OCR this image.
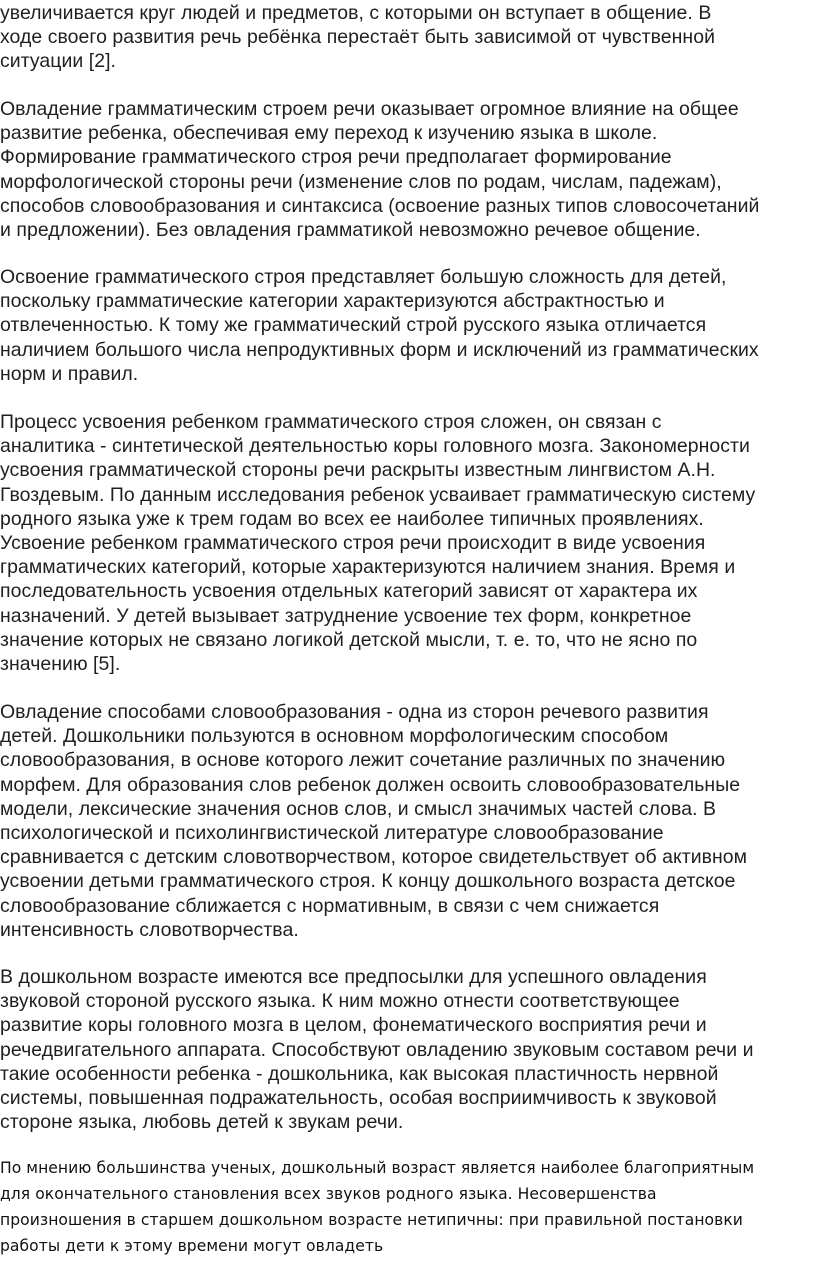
увеличивается круг людей и предметов, с которыми он вступает в общение. В
ходе своего развития речь ребёнка перестаёт быть зависимой от чувственной
ситуации [2].
Овладение грамматическим строем речи оказывает огромное влияние на общее
развитие ребенка, обеспечивая ему переход к изучению языка в школе.
Формирование грамматического строя речи предполагает формирование
морфологической стороны речи (изменение слов по родам, числам, падежам),
способов словообразования и синтаксиса (освоение разных типов словосочетаний
и предложении). Без овладения грамматикой невозможно речевое общение.
Освоение грамматического строя представляет большую сложность для детей,
поскольку грамматические категории характеризуются абстрактностью и
отвлеченностью. К тому же грамматический строй русского языка отличается
наличием большого числа непродуктивных форм и исключений из грамматических
норм и правил.
Процесс усвоения ребенком грамматического строя сложен, он связан с
аналитика - синтетической деятельностью коры головного мозга. Закономерности
усвоения грамматической стороны речи раскрыты известным лингвистом А.Н.
Гвоздевым. По данным исследования ребенок усваивает грамматическую систему
родного языка уже к трем годам во всех ее наиболее типичных проявлениях.
Усвоение ребенком грамматического строя речи происходит в виде усвоения
грамматических категорий, которые характеризуются наличием знания. Время и
последовательность усвоения отдельных категорий зависят от характера их
назначений. У детей вызывает затруднение усвоение тех форм, конкретное
значение которых не связано логикой детской мысли, т. е. то, что не ясно по
значению [5].
Овладение способами словообразования - одна из сторон речевого развития
детей. Дошкольники пользуются в основном морфологическим способом
словообразования, в основе которого лежит сочетание различных по значению
морфем. Для образования слов ребенок должен освоить словообразовательные
модели, лексические значения основ слов, и смысл значимых частей слова. В
психологической и психолингвистической литературе словообразование
сравнивается с детским словотворчеством, которое свидетельствует об активном
усвоении детьми грамматического строя. К концу дошкольного возраста детское
словообразование сближается с нормативным, в связи с чем снижается
интенсивность словотворчества.
В дошкольном возрасте имеются все предпосылки для успешного овладения
звуковой стороной русского языка. К ним можно отнести соответствующее
развитие коры головного мозга в целом, фонематического восприятия речи и
речедвигательного аппарата. Способствуют овладению звуковым составом речи и
такие особенности ребенка - дошкольника, как высокая пластичность нервной
системы, повышенная подражательность, особая восприимчивость к звуковой
стороне языка, любовь детей к звукам речи.
По мнению большинства ученых, дошкольный возраст является наиболее благоприятным
для окончательного становления всех звуков родного языка. Несовершенства
произношения в старшем дошкольном возрасте нетипичны: при правильной постановки
работы дети к этому времени могут овладеть
